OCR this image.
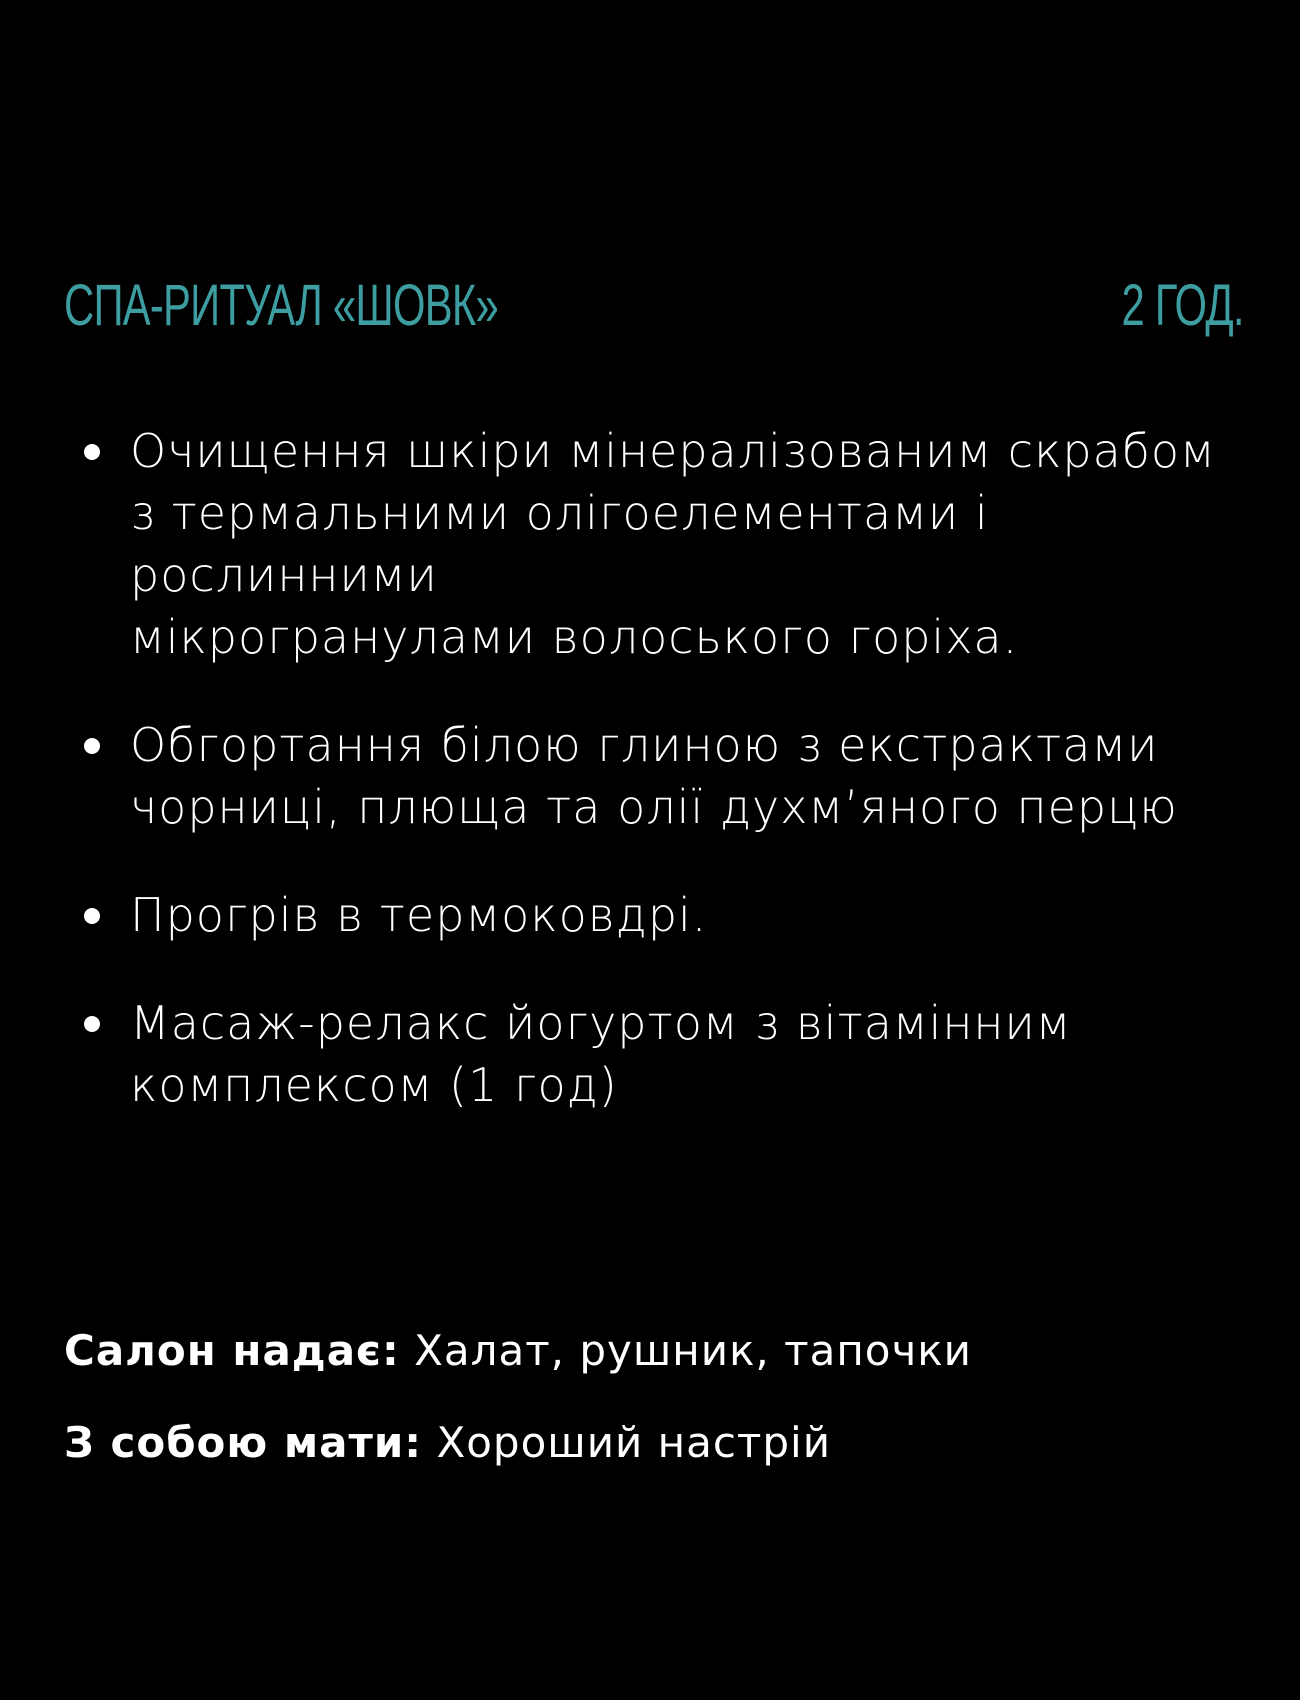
СПА-РИТУАЛ «ШОВК»	2 ГОД.
Очищення шкіри мінералізованим скрабом
з термальними олігоелементами і рослинними
мікрогранулами волоського горіха.
Обгортання білою глиною з екстрактами
чорниці, плюща та олії духм’яного перцю
Прогрів в термоковдрі.
Масаж-релакс йогуртом з вітамінним
комплексом (1 год)
Салон надає: Халат, рушник, тапочки
З собою мати: Хороший настрій
